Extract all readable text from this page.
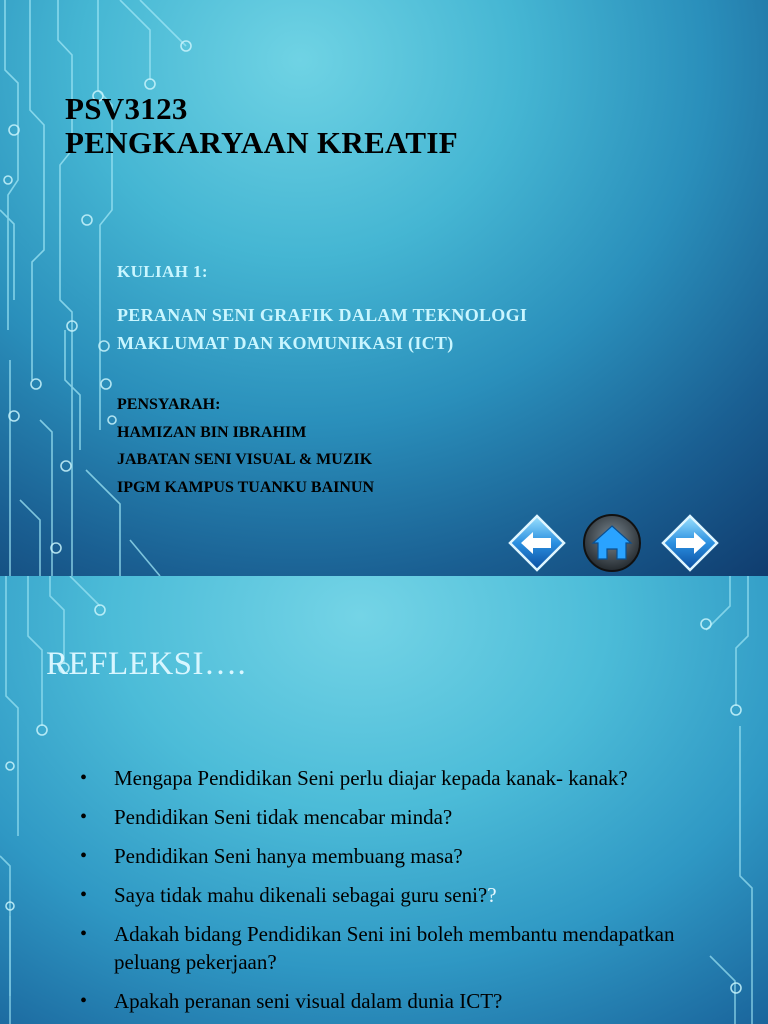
PSV3123
PENGKARYAAN KREATIF

KULIAH 1:

PERANAN SENI GRAFIK DALAM TEKNOLOGI
MAKLUMAT DAN KOMUNIKASI (ICT)

PENSYARAH:
HAMIZAN BIN IBRAHIM
JABATAN SENI VISUAL & MUZIK
IPGM KAMPUS TUANKU BAINUN

REFLEKSI….
• Mengapa Pendidikan Seni perlu diajar kepada kanak- kanak?
• Pendidikan Seni tidak mencabar minda?
• Pendidikan Seni hanya membuang masa?
• Saya tidak mahu dikenali sebagai guru seni??
• Adakah bidang Pendidikan Seni ini boleh membantu mendapatkan peluang pekerjaan?
• Apakah peranan seni visual dalam dunia ICT?
